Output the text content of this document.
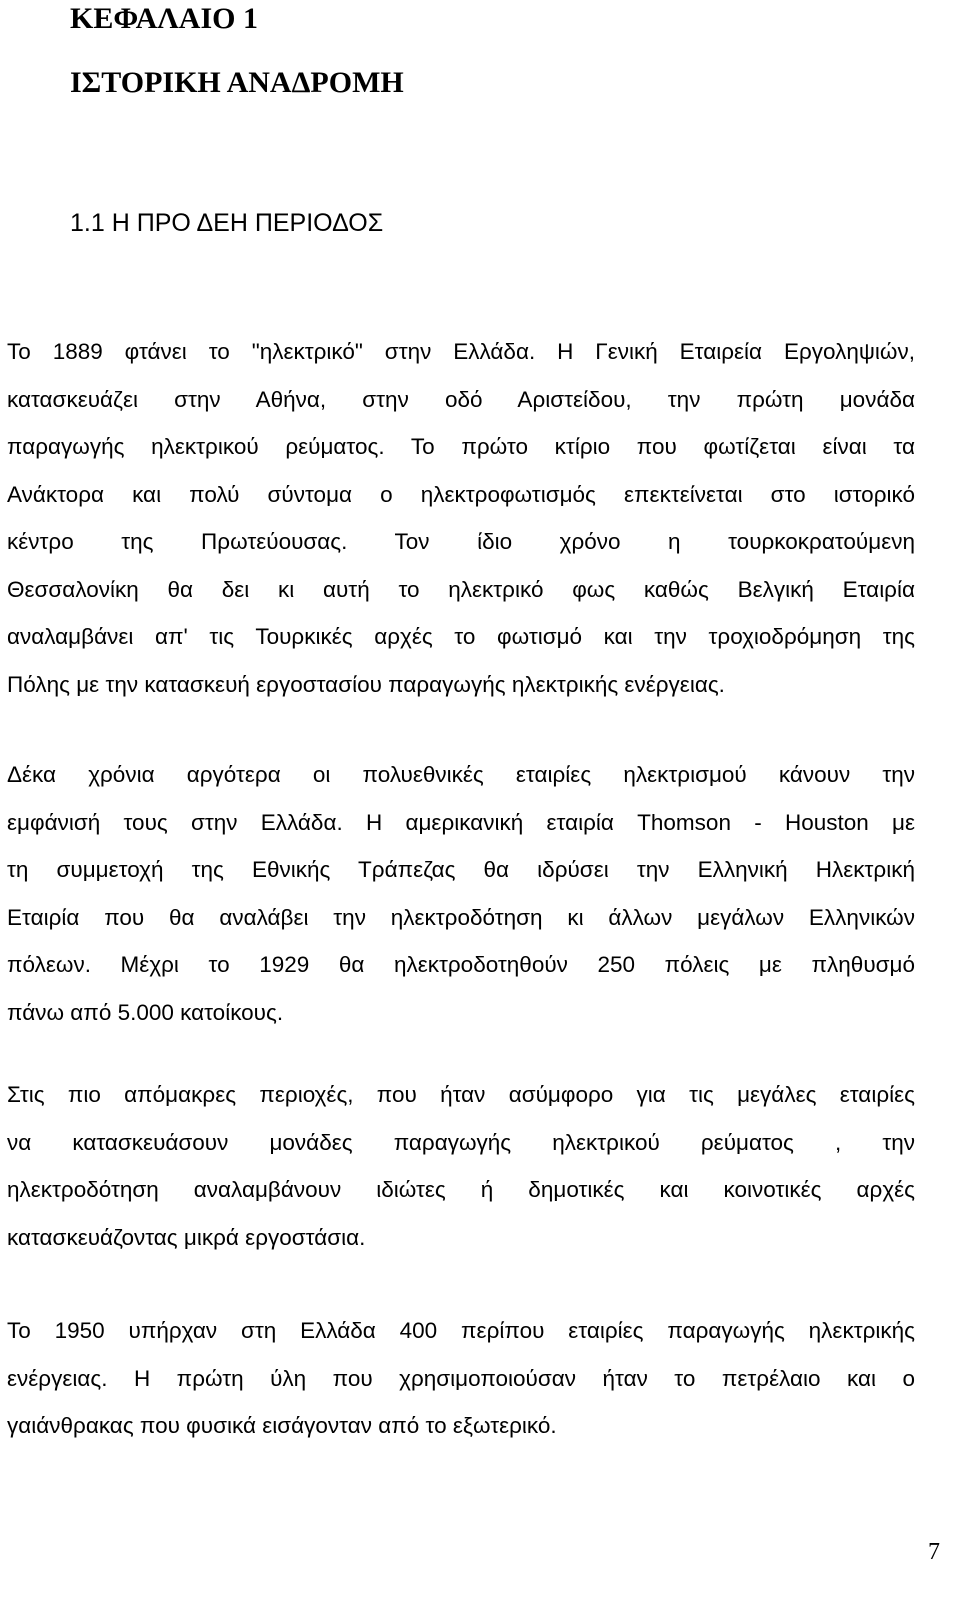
ΚΕΦΑΛΑΙΟ 1
ΙΣΤΟΡΙΚΗ ΑΝΑΔΡΟΜΗ
1.1 Η ΠΡΟ ΔΕΗ ΠΕΡΙΟΔΟΣ
Το 1889 φτάνει το "ηλεκτρικό" στην Ελλάδα. Η Γενική Εταιρεία Εργοληψιών,
κατασκευάζει στην Αθήνα, στην οδό Αριστείδου, την πρώτη μονάδα
παραγωγής ηλεκτρικού ρεύματος. Το πρώτο κτίριο που φωτίζεται είναι τα
Ανάκτορα και πολύ σύντομα ο ηλεκτροφωτισμός επεκτείνεται στο ιστορικό
κέντρο της Πρωτεύουσας. Τον ίδιο χρόνο η τουρκοκρατούμενη
Θεσσαλονίκη θα δει κι αυτή το ηλεκτρικό φως καθώς Βελγική Εταιρία
αναλαμβάνει απ' τις Τουρκικές αρχές το φωτισμό και την τροχιοδρόμηση της
Πόλης με την κατασκευή εργοστασίου παραγωγής ηλεκτρικής ενέργειας.
Δέκα χρόνια αργότερα οι πολυεθνικές εταιρίες ηλεκτρισμού κάνουν την
εμφάνισή τους στην Ελλάδα. Η αμερικανική εταιρία Thomson - Houston με
τη συμμετοχή της Εθνικής Τράπεζας θα ιδρύσει την Ελληνική Ηλεκτρική
Εταιρία που θα αναλάβει την ηλεκτροδότηση κι άλλων μεγάλων Ελληνικών
πόλεων. Μέχρι το 1929 θα ηλεκτροδοτηθούν 250 πόλεις με πληθυσμό
πάνω από 5.000 κατοίκους.
Στις πιο απόμακρες περιοχές, που ήταν ασύμφορο για τις μεγάλες εταιρίες
να κατασκευάσουν μονάδες παραγωγής ηλεκτρικού ρεύματος , την
ηλεκτροδότηση αναλαμβάνουν ιδιώτες ή δημοτικές και κοινοτικές αρχές
κατασκευάζοντας μικρά εργοστάσια.
Το 1950 υπήρχαν στη Ελλάδα 400 περίπου εταιρίες παραγωγής ηλεκτρικής
ενέργειας. Η πρώτη ύλη που χρησιμοποιούσαν ήταν το πετρέλαιο και ο
γαιάνθρακας που φυσικά εισάγονταν από το εξωτερικό.

7
